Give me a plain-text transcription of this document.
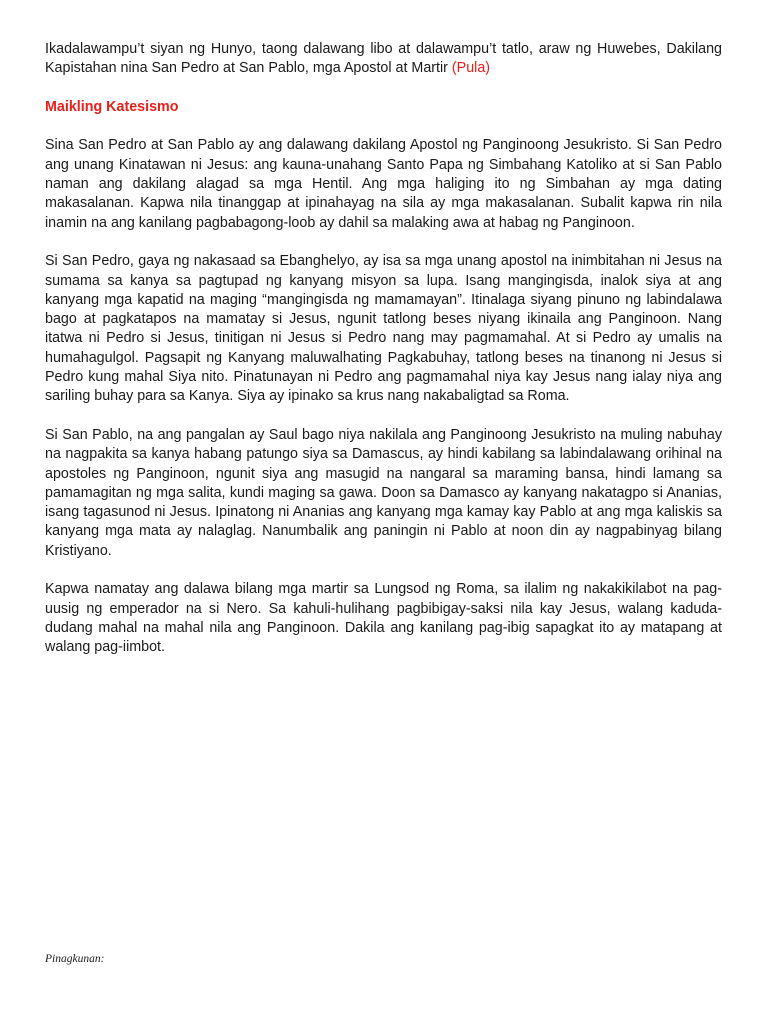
Ikadalawampu’t siyan ng Hunyo, taong dalawang libo at dalawampu’t tatlo, araw ng Huwebes, Dakilang Kapistahan nina San Pedro at San Pablo, mga Apostol at Martir (Pula)

Maikling Katesismo

Sina San Pedro at San Pablo ay ang dalawang dakilang Apostol ng Panginoong Jesukristo. Si San Pedro ang unang Kinatawan ni Jesus: ang kauna-unahang Santo Papa ng Simbahang Katoliko at si San Pablo naman ang dakilang alagad sa mga Hentil. Ang mga haliging ito ng Simbahan ay mga dating makasalanan. Kapwa nila tinanggap at ipinahayag na sila ay mga makasalanan. Subalit kapwa rin nila inamin na ang kanilang pagbabagong-loob ay dahil sa malaking awa at habag ng Panginoon.

Si San Pedro, gaya ng nakasaad sa Ebanghelyo, ay isa sa mga unang apostol na inimbitahan ni Jesus na sumama sa kanya sa pagtupad ng kanyang misyon sa lupa. Isang mangingisda, inalok siya at ang kanyang mga kapatid na maging “mangingisda ng mamamayan”. Itinalaga siyang pinuno ng labindalawa bago at pagkatapos na mamatay si Jesus, ngunit tatlong beses niyang ikinaila ang Panginoon. Nang itatwa ni Pedro si Jesus, tinitigan ni Jesus si Pedro nang may pagmamahal. At si Pedro ay umalis na humahagulgol. Pagsapit ng Kanyang maluwalhating Pagkabuhay, tatlong beses na tinanong ni Jesus si Pedro kung mahal Siya nito. Pinatunayan ni Pedro ang pagmamahal niya kay Jesus nang ialay niya ang sariling buhay para sa Kanya. Siya ay ipinako sa krus nang nakabaligtad sa Roma.

Si San Pablo, na ang pangalan ay Saul bago niya nakilala ang Panginoong Jesukristo na muling nabuhay na nagpakita sa kanya habang patungo siya sa Damascus, ay hindi kabilang sa labindalawang orihinal na apostoles ng Panginoon, ngunit siya ang masugid na nangaral sa maraming bansa, hindi lamang sa pamamagitan ng mga salita, kundi maging sa gawa. Doon sa Damasco ay kanyang nakatagpo si Ananias, isang tagasunod ni Jesus. Ipinatong ni Ananias ang kanyang mga kamay kay Pablo at ang mga kaliskis sa kanyang mga mata ay nalaglag. Nanumbalik ang paningin ni Pablo at noon din ay nagpabinyag bilang Kristiyano.

Kapwa namatay ang dalawa bilang mga martir sa Lungsod ng Roma, sa ilalim ng nakakikilabot na pag-uusig ng emperador na si Nero. Sa kahuli-hulihang pagbibigay-saksi nila kay Jesus, walang kaduda-dudang mahal na mahal nila ang Panginoon. Dakila ang kanilang pag-ibig sapagkat ito ay matapang at walang pag-iimbot.

Pinagkunan:
